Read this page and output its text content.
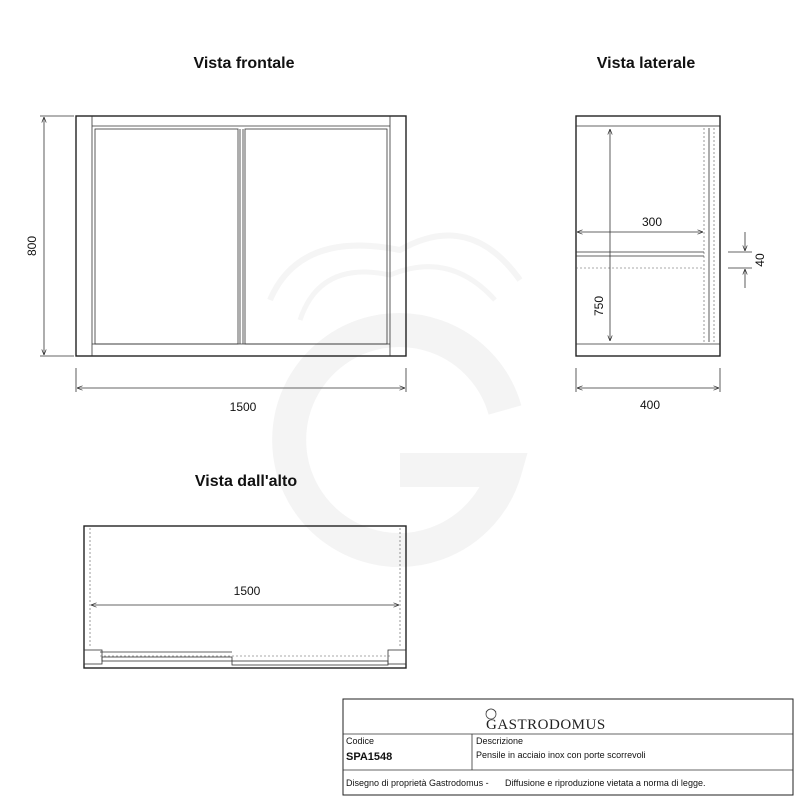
Vista frontale
800
1500
Vista laterale
300
750
40
400
Vista dall'alto
1500
GASTRODOMUS
Codice
SPA1548
Descrizione
Pensile in acciaio inox con porte scorrevoli
Disegno di proprietà Gastrodomus - Diffusione e riproduzione vietata a norma di legge.
